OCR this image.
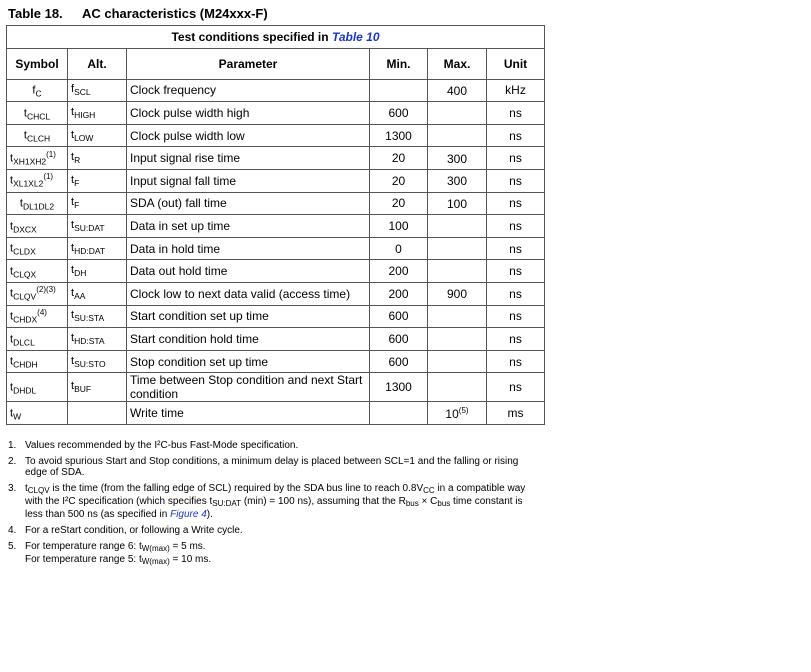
Table 18. AC characteristics (M24xxx-F)
Test conditions specified in Table 10					
Symbol	Alt.	Parameter	Min.	Max.	Unit
$f_C$	$f_{SCL}$	Clock frequency		400	kHz
$t_{CHCL}$	$t_{HIGH}$	Clock pulse width high	600		ns
$t_{CLCH}$	$t_{LOW}$	Clock pulse width low	1300		ns
$t_{XH1XH2}^{(1)}$	$t_R$	Input signal rise time	20	300	ns
$t_{XL1XL2}^{(1)}$	$t_F$	Input signal fall time	20	300	ns
$t_{DL1DL2}$	$t_F$	SDA (out) fall time	20	100	ns
$t_{DXCX}$	$t_{SU:DAT}$	Data in set up time	100		ns
$t_{CLDX}$	$t_{HD:DAT}$	Data in hold time	0		ns
$t_{CLQX}$	$t_{DH}$	Data out hold time	200		ns
$t_{CLQV}^{(2)(3)}$	$t_{AA}$	Clock low to next data valid (access time)	200	900	ns
$t_{CHDX}^{(4)}$	$t_{SU:STA}$	Start condition set up time	600		ns
$t_{DLCL}$	$t_{HD:STA}$	Start condition hold time	600		ns
$t_{CHDH}$	$t_{SU:STO}$	Stop condition set up time	600		ns
$t_{DHDL}$	$t_{BUF}$	Time between Stop condition and next Start condition	1300		ns
$t_W$		Write time		10$^{(5)}$	ms
1. Values recommended by the I²C-bus Fast-Mode specification.
2. To avoid spurious Start and Stop conditions, a minimum delay is placed between SCL=1 and the falling or rising edge of SDA.
3. $t_{CLQV}$ is the time (from the falling edge of SCL) required by the SDA bus line to reach $0.8V_{CC}$ in a compatible way with the I²C specification (which specifies $t_{SU:DAT}$ (min) = 100 ns), assuming that the $R_{bus} \times C_{bus}$ time constant is less than 500 ns (as specified in Figure 4).
4. For a reStart condition, or following a Write cycle.
5. For temperature range 6: $t_{W(max)} = 5$ ms.
For temperature range 5: $t_{W(max)} = 10$ ms.
